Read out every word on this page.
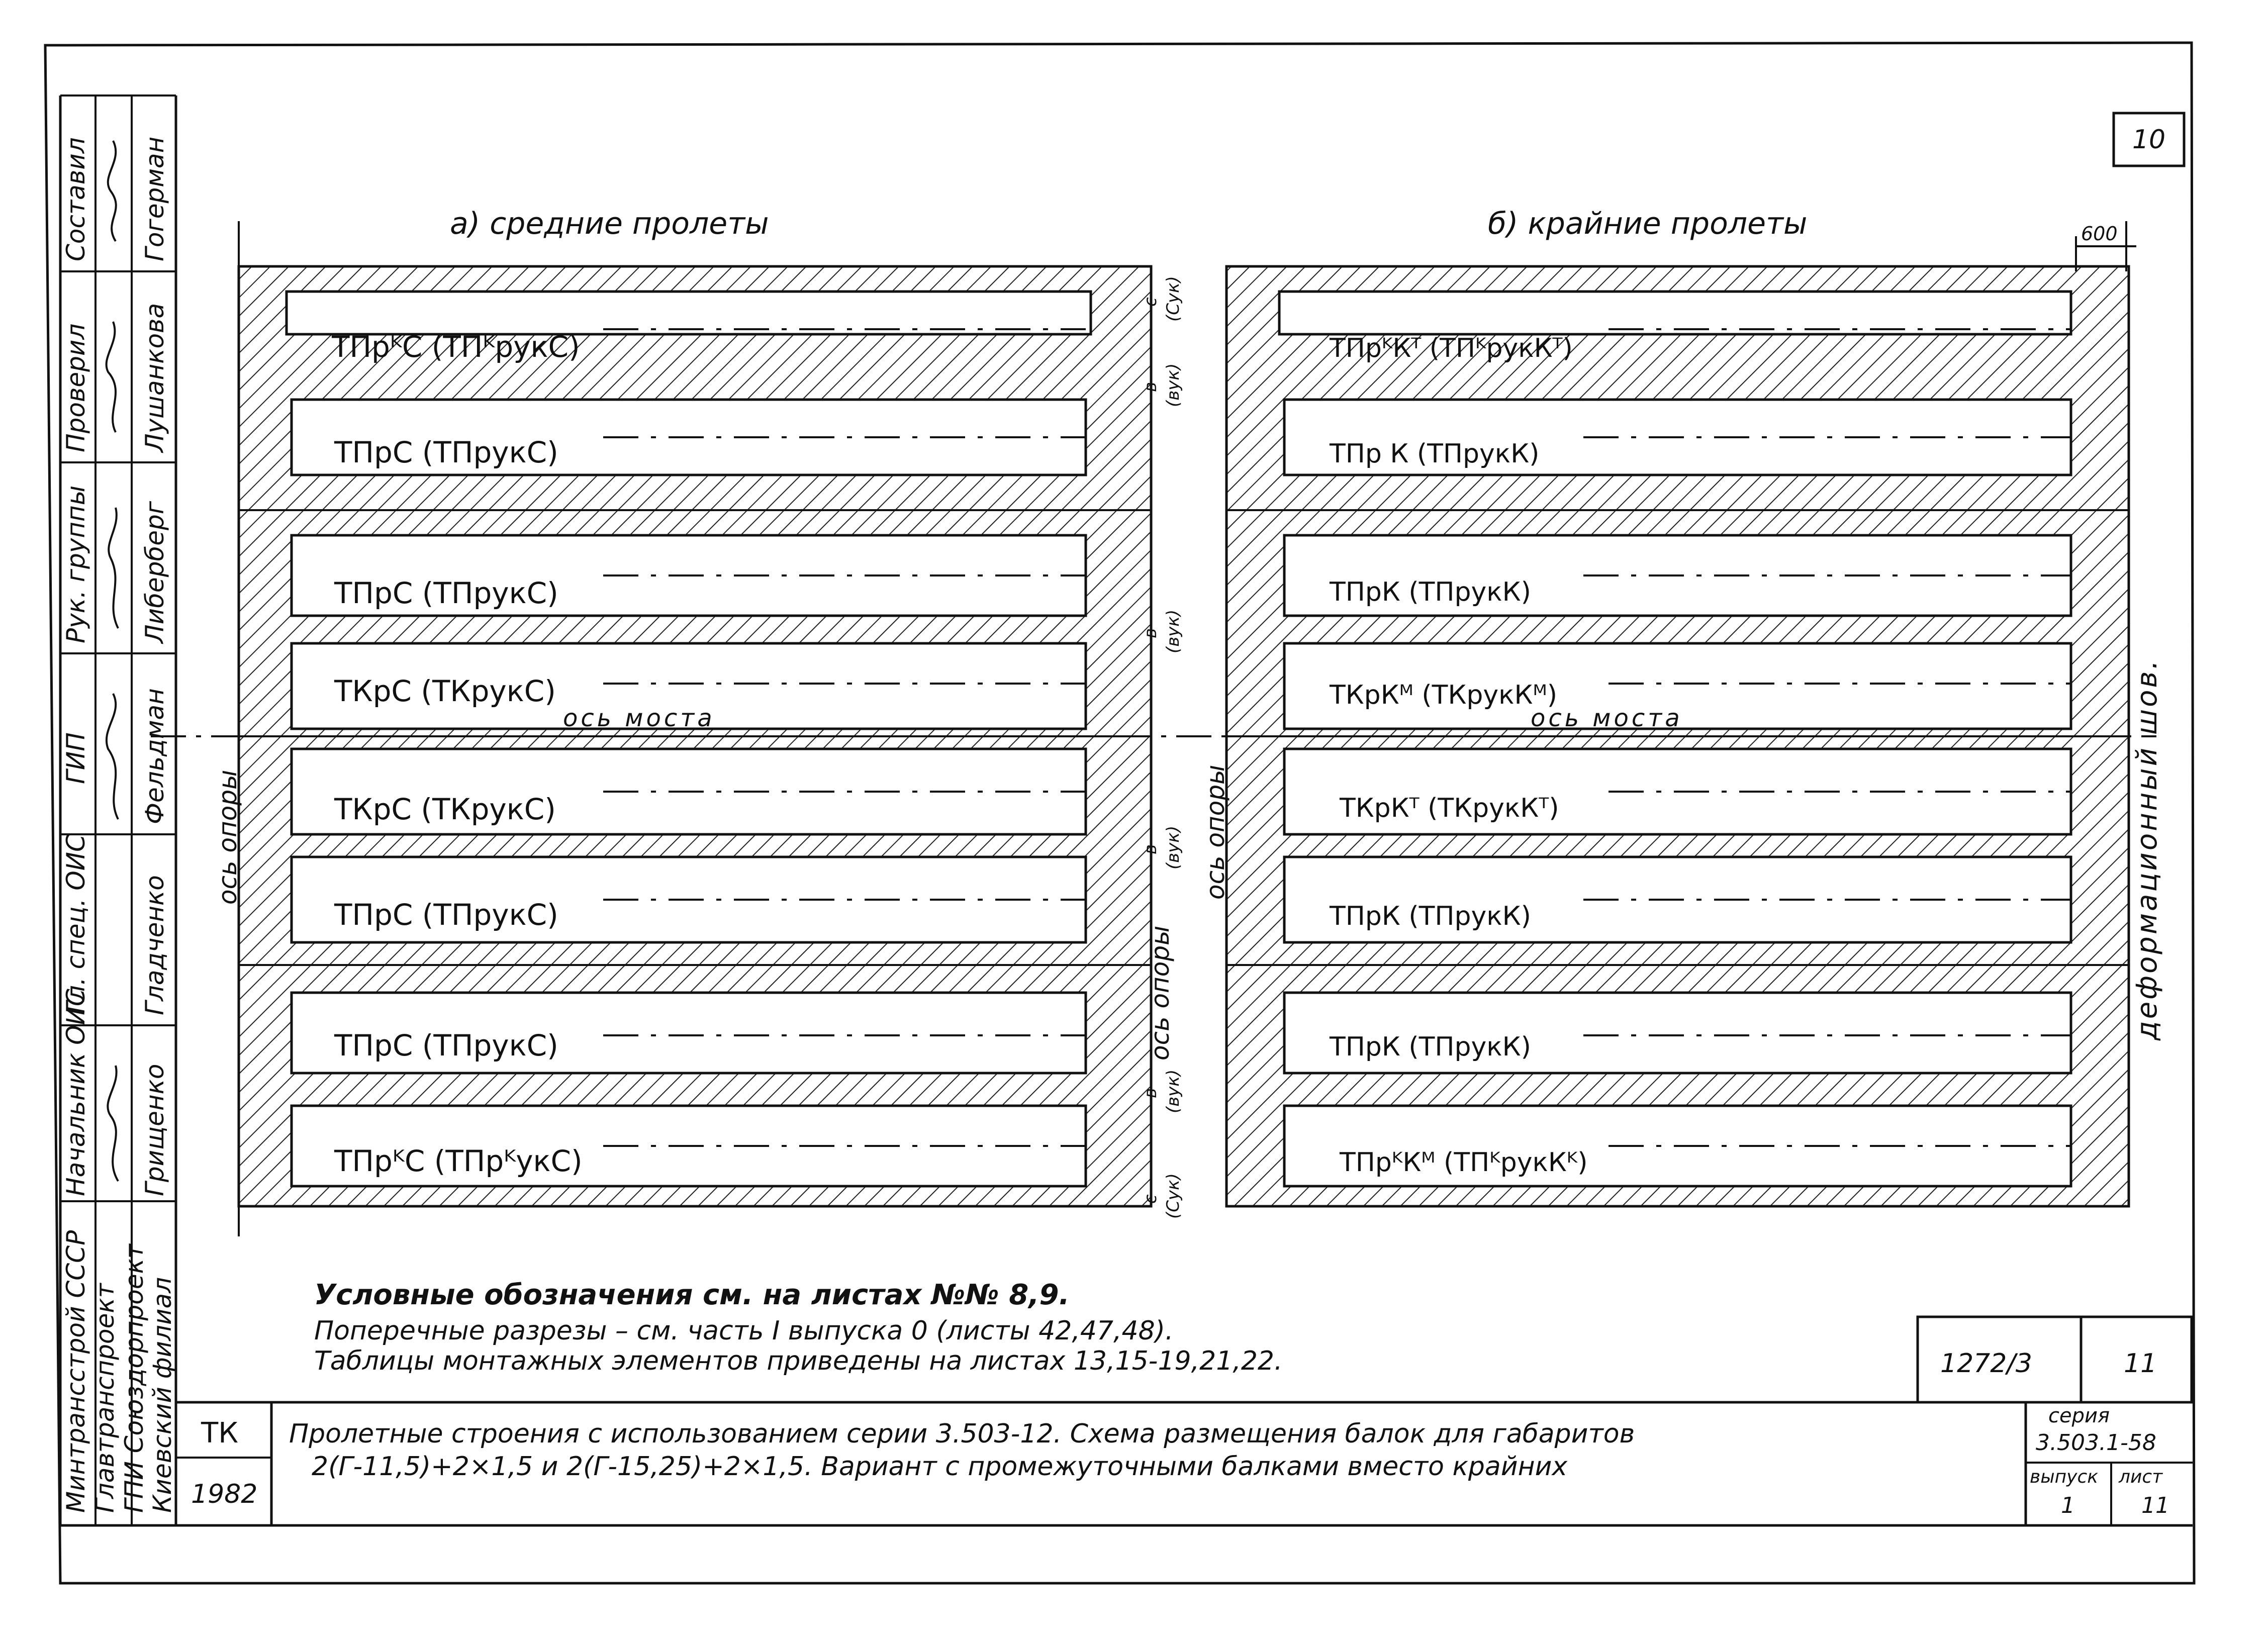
Составил Гогерман
Проверил Лушанкова
Рук. группы Либерберг
ГИП Фельдман
Гл. спец. ОИС Гладченко
Начальник ОИС Грищенко
Минтрансстрой СССР Главтранспроект ГПИ Союздорпроект
Киевский филиал
10
а) средние пролеты	б) крайние пролеты	600
ось опоры
ось опоры
ось опоры
ось моста	ось моста	деформационный шов.
с (Сук)
в (вук)
в (вук)
в (вук)
в (вук)
с (Сук)
ТПрᴷС (ТПᴷрукС)
ТПрС (ТПрукС)
ТПрС (ТПрукС)
ТКрС (ТКрукС)
ТКрС (ТКрукС)
ТПрС (ТПрукС)
ТПрС (ТПрукС)
ТПрᴷС (ТПрᴷукС)
ТПрᴷКᵀ (ТПᴷрукКᵀ)
ТПр К (ТПрукК)
ТПрК (ТПрукК)
ТКрКᴹ (ТКрукКᴹ)
ТКрКᵀ (ТКрукКᵀ)
ТПрК (ТПрукК)
ТПрК (ТПрукК)
ТПрᴷКᴹ (ТПᴷрукКᴷ)
Условные обозначения см. на листах №№ 8,9.
Поперечные разрезы – см. часть I выпуска 0 (листы 42,47,48).
Таблицы монтажных элементов приведены на листах 13,15-19,21,22.	1272/3	11
ТК
1982
Пролетные строения с использованием серии 3.503-12. Схема размещения балок для габаритов
2(Г-11,5)+2×1,5 и 2(Г-15,25)+2×1,5. Вариант с промежуточными балками вместо крайних
серия
3.503.1-58
выпуск
1
лист
11
